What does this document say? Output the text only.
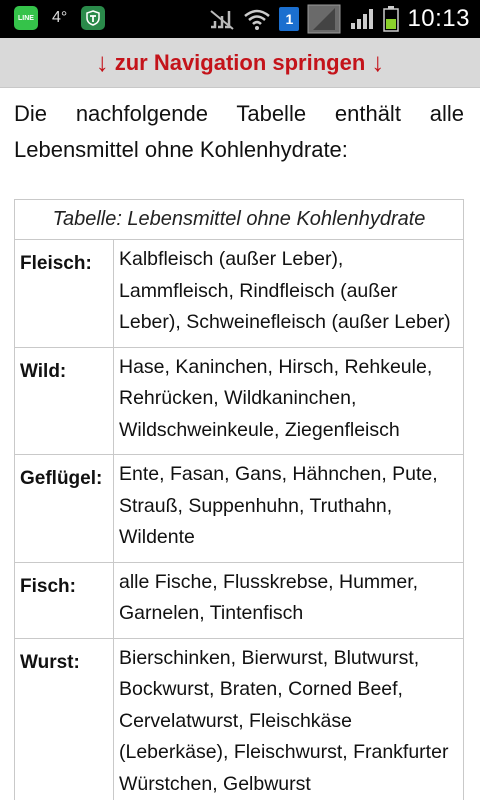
LINE 4°	1	10:13
↓ zur Navigation springen ↓

Die nachfolgende Tabelle enthält alle Lebensmittel ohne Kohlenhydrate:

Tabelle: Lebensmittel ohne Kohlenhydrate
Fleisch:	Kalbfleisch (außer Leber), Lammfleisch, Rindfleisch (außer Leber), Schweinefleisch (außer Leber)
Wild:	Hase, Kaninchen, Hirsch, Rehkeule, Rehrücken, Wildkaninchen, Wildschweinkeule, Ziegenfleisch
Geflügel: Ente, Fasan, Gans, Hähnchen, Pute, Strauß, Suppenhuhn, Truthahn, Wildente
Fisch:	alle Fische, Flusskrebse, Hummer, Garnelen, Tintenfisch
Wurst:	Bierschinken, Bierwurst, Blutwurst, Bockwurst, Braten, Corned Beef, Cervelatwurst, Fleischkäse (Leberkäse), Fleischwurst, Frankfurter Würstchen, Gelbwurst
